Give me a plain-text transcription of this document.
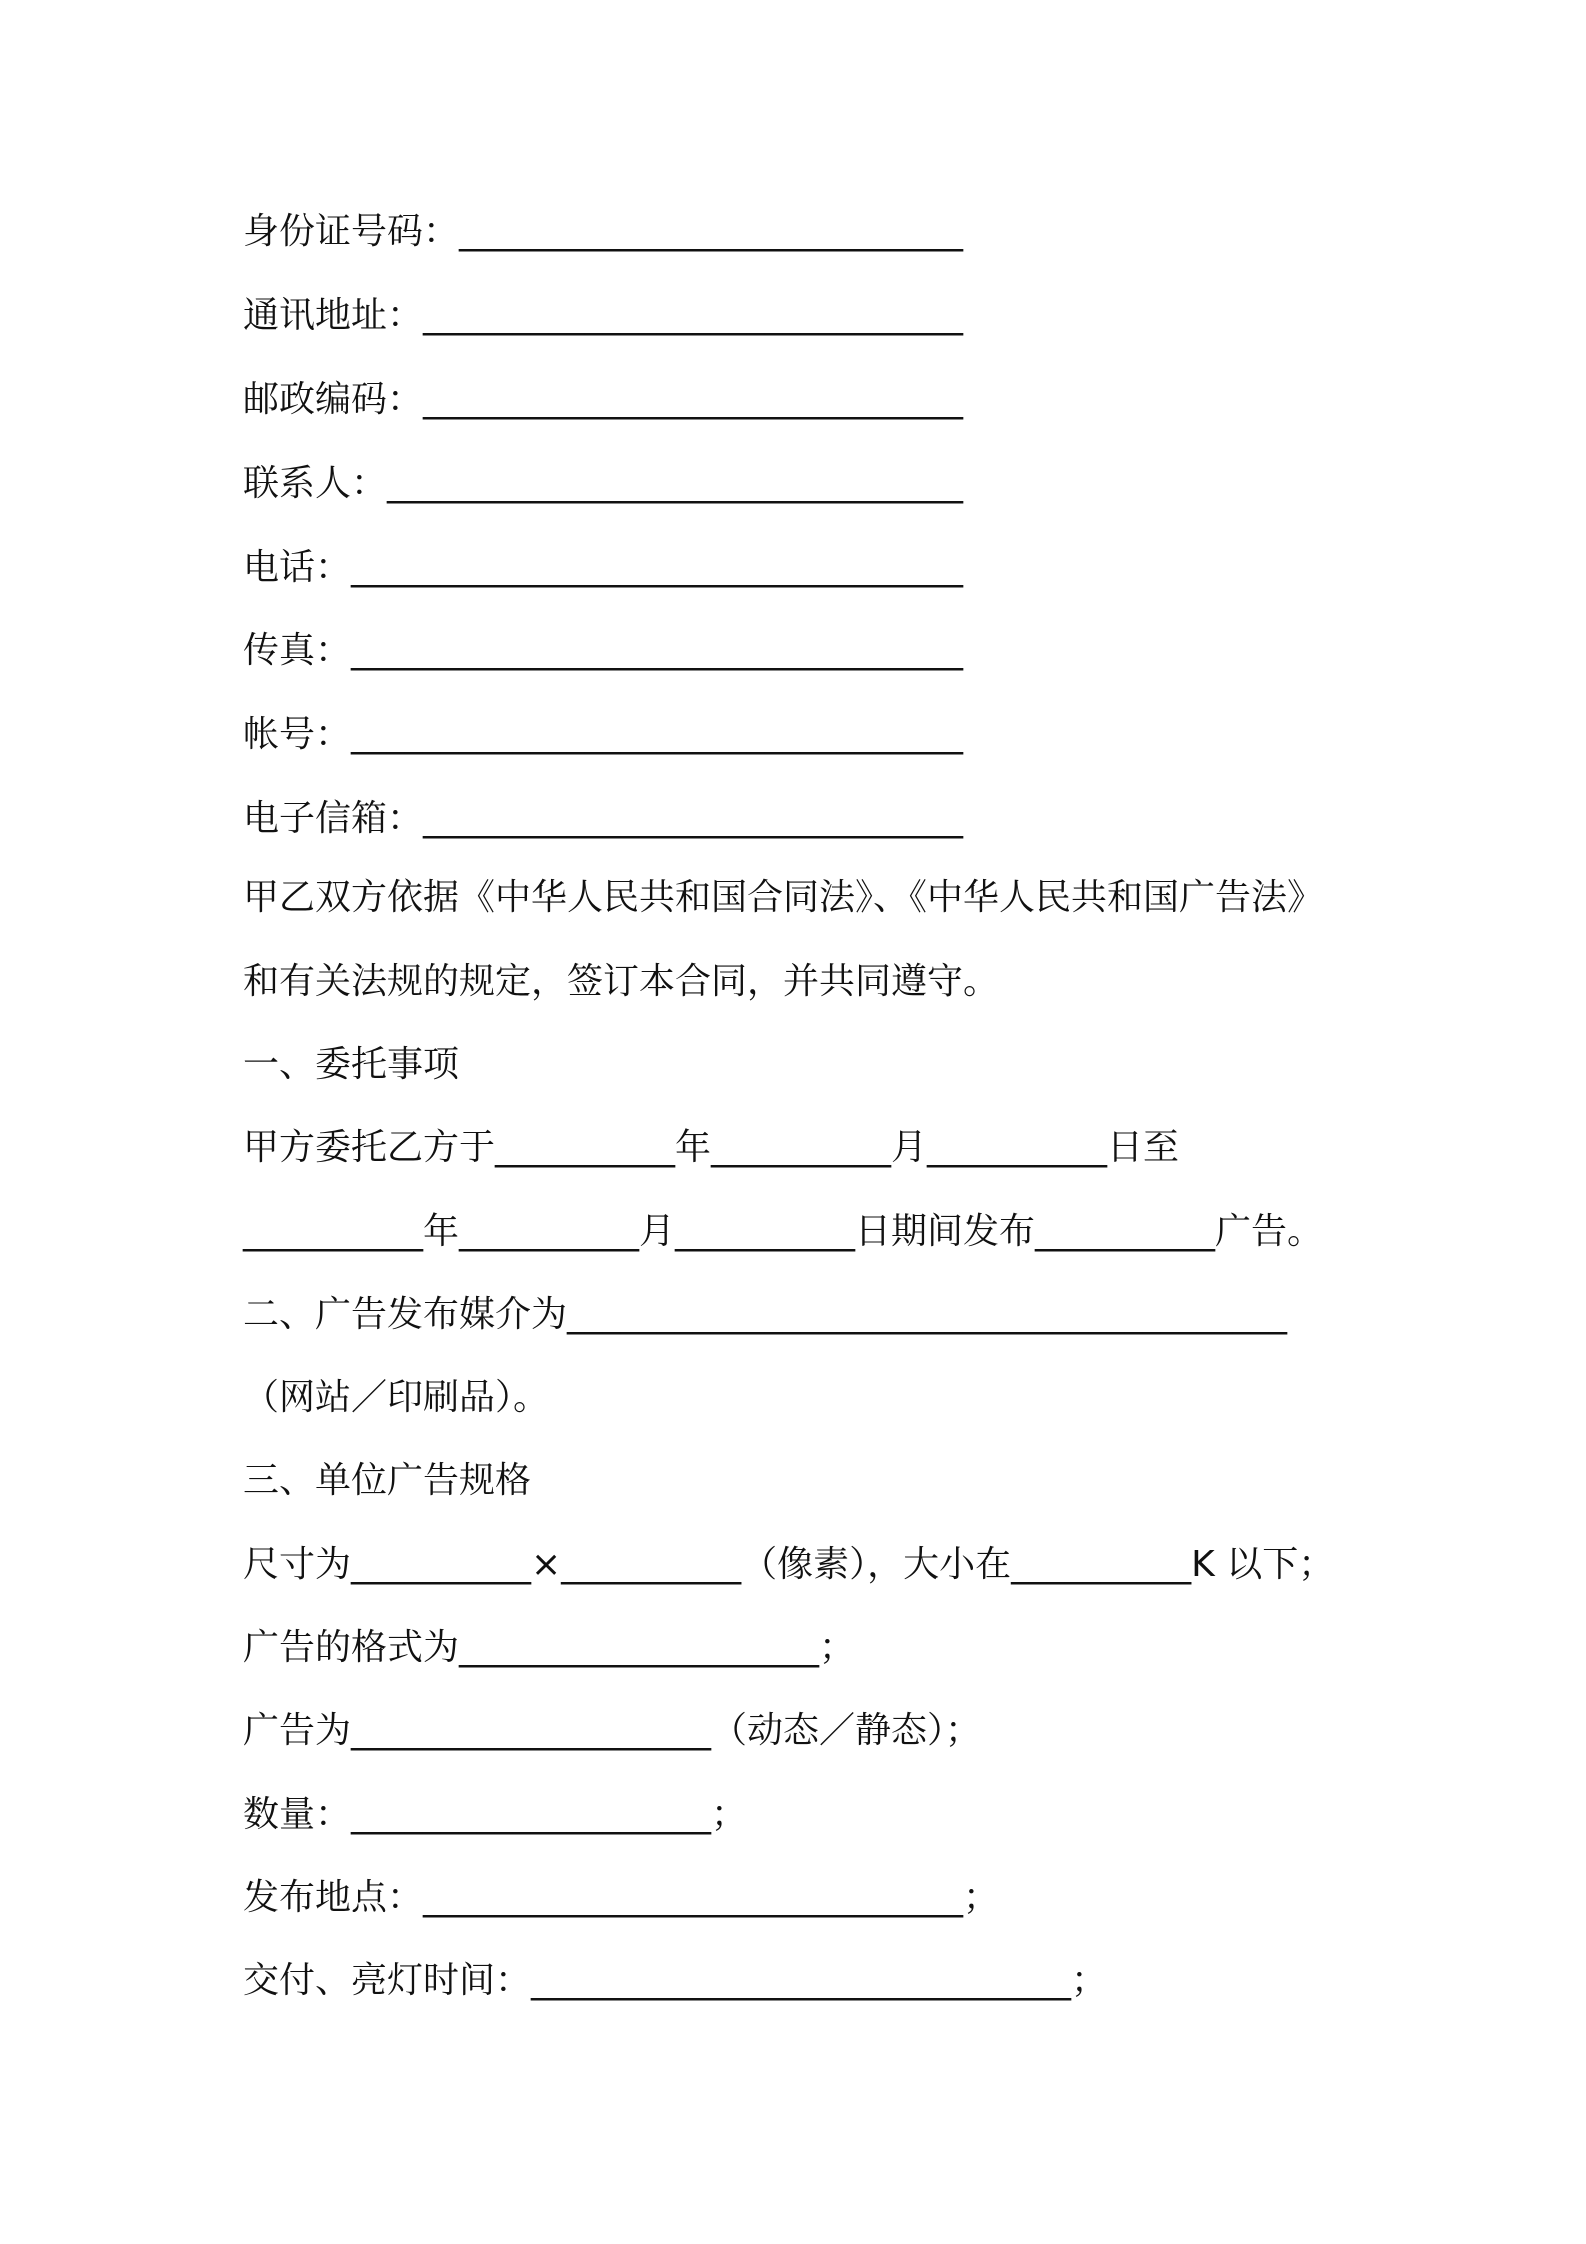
身份证号码：____________________________
通讯地址：______________________________
邮政编码：______________________________
联系人：________________________________
电话：__________________________________
传真：__________________________________
帐号：__________________________________
电子信箱：______________________________
甲乙双方依据《中华人民共和国合同法》、《中华人民共和国广告法》
和有关法规的规定，签订本合同，并共同遵守。
一、委托事项
甲方委托乙方于__________年__________月__________日至
__________年__________月__________日期间发布__________广告。
二、广告发布媒介为________________________________________
（网站／印刷品）。
三、单位广告规格
尺寸为__________×__________（像素），大小在__________K 以下；
广告的格式为____________________；
广告为____________________（动态／静态）；
数量：____________________；
发布地点：______________________________；
交付、亮灯时间：______________________________；
